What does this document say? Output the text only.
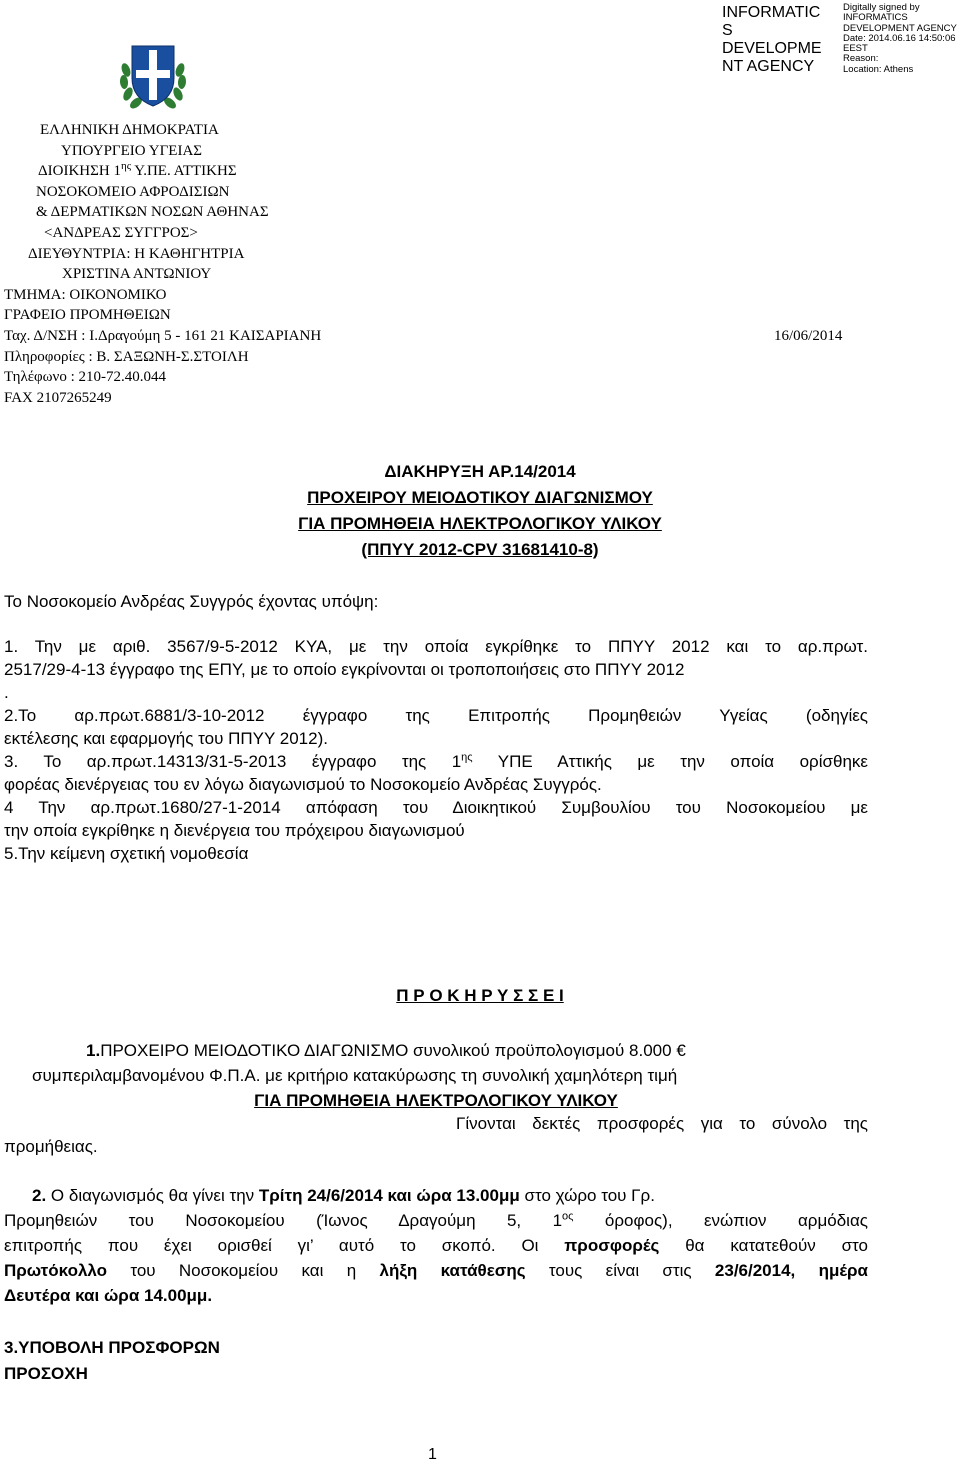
INFORMATIC
S
DEVELOPME
NT AGENCY
Digitally signed by
INFORMATICS
DEVELOPMENT AGENCY
Date: 2014.06.16 14:50:06
EEST
Reason:
Location: Athens
ΕΛΛΗΝΙΚΗ ΔΗΜΟΚΡΑΤΙΑ
ΥΠΟΥΡΓΕΙΟ ΥΓΕΙΑΣ
ΔΙΟΙΚΗΣΗ $1^{\eta\varsigma}$ Υ.ΠΕ. ΑΤΤΙΚΗΣ
ΝΟΣΟΚΟΜΕΙΟ ΑΦΡΟΔΙΣΙΩΝ
& ΔΕΡΜΑΤΙΚΩΝ ΝΟΣΩΝ ΑΘΗΝΑΣ
<ΑΝΔΡΕΑΣ ΣΥΓΓΡΟΣ>
ΔΙΕΥΘΥΝΤΡΙΑ: Η ΚΑΘΗΓΗΤΡΙΑ
ΧΡΙΣΤΙΝΑ ΑΝΤΩΝΙΟΥ
ΤΜΗΜΑ: ΟΙΚΟΝΟΜΙΚΟ
ΓΡΑΦΕΙΟ ΠΡΟΜΗΘΕΙΩΝ
Ταχ. Δ/ΝΣΗ : Ι.Δραγούμη 5 - 161 21 ΚΑΙΣΑΡΙΑΝΗ	16/06/2014
Πληροφορίες : Β. ΣΑΞΩΝΗ-Σ.ΣΤΟΙΛΗ
Τηλέφωνο : 210-72.40.044
FAX 2107265249
ΔΙΑΚΗΡΥΞΗ ΑΡ.14/2014
ΠΡΟΧΕΙΡΟΥ ΜΕΙΟΔΟΤΙΚΟΥ ΔΙΑΓΩΝΙΣΜΟΥ
ΓΙΑ ΠΡΟΜΗΘΕΙΑ ΗΛΕΚΤΡΟΛΟΓΙΚΟΥ ΥΛΙΚΟΥ
(ΠΠΥΥ 2012-CPV 31681410-8)
Το Νοσοκομείο Ανδρέας Συγγρός έχοντας υπόψη:
1. Την με αριθ. 3567/9-5-2012 ΚΥΑ, με την οποία εγκρίθηκε το ΠΠΥΥ 2012 και το αρ.πρωτ.
2517/29-4-13 έγγραφο της ΕΠΥ, με το οποίο εγκρίνονται οι τροποποιήσεις στο ΠΠΥΥ 2012
.
2.Το αρ.πρωτ.6881/3-10-2012 έγγραφο της Επιτροπής Προμηθειών Υγείας (οδηγίες
εκτέλεσης και εφαρμογής του ΠΠΥΥ 2012).
3. Το αρ.πρωτ.14313/31-5-2013 έγγραφο της $1^{\eta\varsigma}$ ΥΠΕ Αττικής με την οποία ορίσθηκε
φορέας διενέργειας του εν λόγω διαγωνισμού το Νοσοκομείο Ανδρέας Συγγρός.
4 Την αρ.πρωτ.1680/27-1-2014 απόφαση του Διοικητικού Συμβουλίου του Νοσοκομείου με
την οποία εγκρίθηκε η διενέργεια του πρόχειρου διαγωνισμού
5.Την κείμενη σχετική νομοθεσία
Π Ρ Ο Κ Η Ρ Υ Σ Σ Ε Ι
1.ΠΡΟΧΕΙΡΟ ΜΕΙΟΔΟΤΙΚΟ ΔΙΑΓΩΝΙΣΜΟ συνολικού προϋπολογισμού 8.000 €
συμπεριλαμβανομένου Φ.Π.Α. με κριτήριο κατακύρωσης τη συνολική χαμηλότερη τιμή
ΓΙΑ ΠΡΟΜΗΘΕΙΑ ΗΛΕΚΤΡΟΛΟΓΙΚΟΥ ΥΛΙΚΟΥ
Γίνονται δεκτές προσφορές για το σύνολο της
προμήθειας.
2. Ο διαγωνισμός θα γίνει την Τρίτη 24/6/2014 και ώρα 13.00μμ στο χώρο του Γρ.
Προμηθειών του Νοσοκομείου (Ίωνος Δραγούμη 5, $1^{o\varsigma}$ όροφος), ενώπιον αρμόδιας
επιτροπής που έχει ορισθεί γι’ αυτό το σκοπό. Οι προσφορές θα κατατεθούν στο
Πρωτόκολλο του Νοσοκομείου και η λήξη κατάθεσης τους είναι στις 23/6/2014, ημέρα
Δευτέρα και ώρα 14.00μμ.
3.ΥΠΟΒΟΛΗ ΠΡΟΣΦΟΡΩΝ
ΠΡΟΣΟΧΗ
1
